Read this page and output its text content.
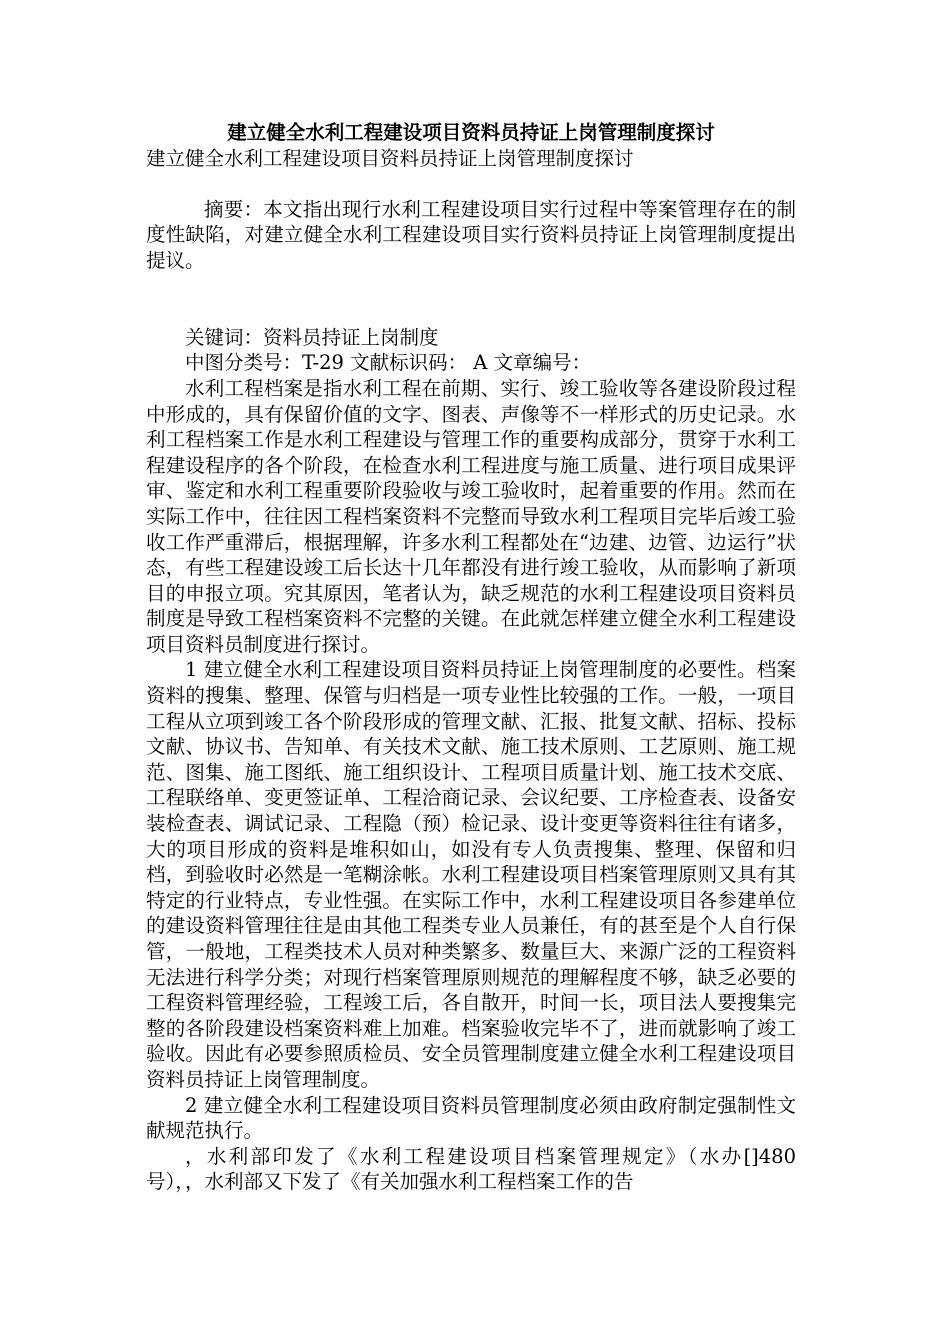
建立健全水利工程建设项目资料员持证上岗管理制度探讨

建立健全水利工程建设项目资料员持证上岗管理制度探讨

摘要：本文指出现行水利工程建设项目实行过程中等案管理存在的制度性缺陷，对建立健全水利工程建设项目实行资料员持证上岗管理制度提出提议。

关键词：资料员持证上岗制度

中图分类号：T-29 文献标识码： A 文章编号：

水利工程档案是指水利工程在前期、实行、竣工验收等各建设阶段过程中形成的，具有保留价值的文字、图表、声像等不一样形式的历史记录。水利工程档案工作是水利工程建设与管理工作的重要构成部分，贯穿于水利工程建设程序的各个阶段，在检查水利工程进度与施工质量、进行项目成果评审、鉴定和水利工程重要阶段验收与竣工验收时，起着重要的作用。然而在实际工作中，往往因工程档案资料不完整而导致水利工程项目完毕后竣工验收工作严重滞后，根据理解，许多水利工程都处在“边建、边管、边运行”状态，有些工程建设竣工后长达十几年都没有进行竣工验收，从而影响了新项目的申报立项。究其原因，笔者认为，缺乏规范的水利工程建设项目资料员制度是导致工程档案资料不完整的关键。在此就怎样建立健全水利工程建设项目资料员制度进行探讨。

1 建立健全水利工程建设项目资料员持证上岗管理制度的必要性。档案资料的搜集、整理、保管与归档是一项专业性比较强的工作。一般，一项目工程从立项到竣工各个阶段形成的管理文献、汇报、批复文献、招标、投标文献、协议书、告知单、有关技术文献、施工技术原则、工艺原则、施工规范、图集、施工图纸、施工组织设计、工程项目质量计划、施工技术交底、工程联络单、变更签证单、工程洽商记录、会议纪要、工序检查表、设备安装检查表、调试记录、工程隐（预）检记录、设计变更等资料往往有诸多，大的项目形成的资料是堆积如山，如没有专人负责搜集、整理、保留和归档，到验收时必然是一笔糊涂帐。水利工程建设项目档案管理原则又具有其特定的行业特点，专业性强。在实际工作中，水利工程建设项目各参建单位的建设资料管理往往是由其他工程类专业人员兼任，有的甚至是个人自行保管，一般地，工程类技术人员对种类繁多、数量巨大、来源广泛的工程资料无法进行科学分类；对现行档案管理原则规范的理解程度不够，缺乏必要的工程资料管理经验，工程竣工后，各自散开，时间一长，项目法人要搜集完整的各阶段建设档案资料难上加难。档案验收完毕不了，进而就影响了竣工验收。因此有必要参照质检员、安全员管理制度建立健全水利工程建设项目资料员持证上岗管理制度。

2 建立健全水利工程建设项目资料员管理制度必须由政府制定强制性文献规范执行。

，水利部印发了《水利工程建设项目档案管理规定》（水办[]480 号），，水利部又下发了《有关加强水利工程档案工作的告
